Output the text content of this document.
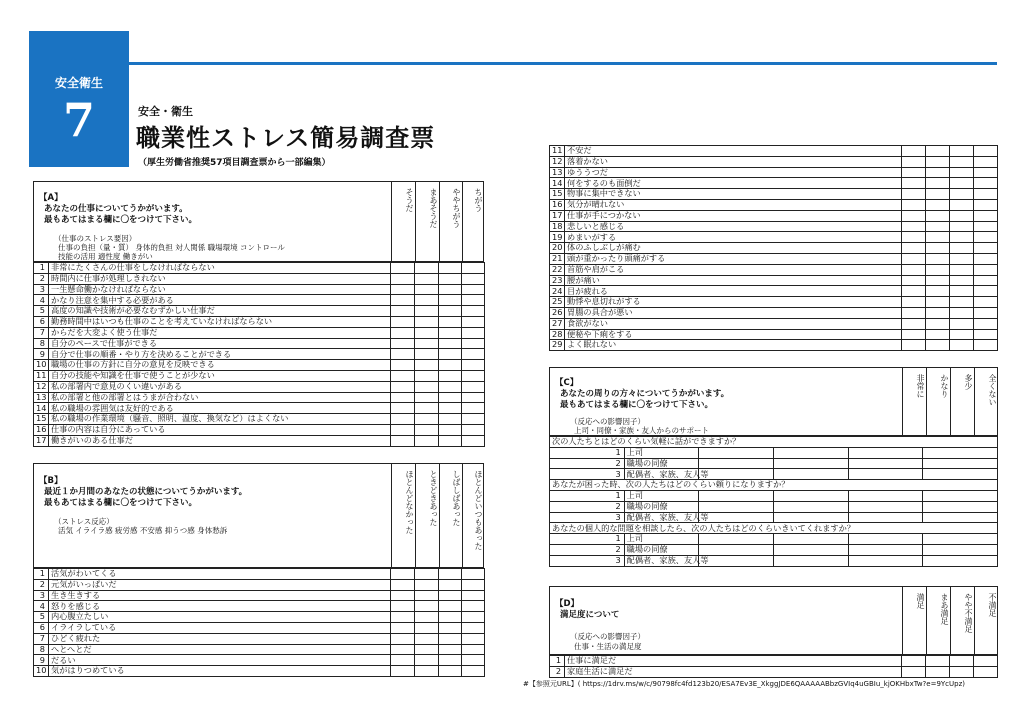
安全衛生
7	安全・衛生
職業性ストレス簡易調査票
（厚生労働省推奨57項目調査票から一部編集）
【A】
あなたの仕事についてうかがいます。
最もあてはまる欄に〇をつけて下さい。
（仕事のストレス要因）
仕事の負担（量・質） 身体的負担 対人関係 職場環境 コントロール
技能の活用 適性度 働きがい
そうだ	まあそうだ	ややちがう	ちがう
1	非常にたくさんの仕事をしなければならない				
2	時間内に仕事が処理しきれない				
3	一生懸命働かなければならない				
4	かなり注意を集中する必要がある				
5	高度の知識や技術が必要なむずかしい仕事だ				
6	勤務時間中はいつも仕事のことを考えていなければならない				
7	からだを大変よく使う仕事だ				
8	自分のペースで仕事ができる				
9	自分で仕事の順番・やり方を決めることができる				
10	職場の仕事の方針に自分の意見を反映できる				
11	自分の技能や知識を仕事で使うことが少ない				
12	私の部署内で意見のくい違いがある				
13	私の部署と他の部署とはうまが合わない				
14	私の職場の雰囲気は友好的である				
15	私の職場の作業環境（騒音、照明、温度、換気など）はよくない				
16	仕事の内容は自分にあっている				
17	働きがいのある仕事だ				
【B】
最近１か月間のあなたの状態についてうかがいます。
最もあてはまる欄に〇をつけて下さい。
（ストレス反応）
活気 イライラ感 疲労感 不安感 抑うつ感 身体愁訴	ほとんどなかった	ときどきあった	しばしばあった	ほとんどいつもあった
1	活気がわいてくる				
2	元気がいっぱいだ				
3	生き生きする				
4	怒りを感じる				
5	内心腹立たしい				
6	イライラしている				
7	ひどく疲れた				
8	へとへとだ				
9	だるい				
10	気がはりつめている				
11	不安だ				
12	落着かない				
13	ゆううつだ				
14	何をするのも面倒だ				
15	物事に集中できない				
16	気分が晴れない				
17	仕事が手につかない				
18	悲しいと感じる				
19	めまいがする				
20	体のふしぶしが痛む				
21	頭が重かったり頭痛がする				
22	首筋や肩がこる				
23	腰が痛い				
24	目が疲れる				
25	動悸や息切れがする				
26	胃腸の具合が悪い				
27	食欲がない				
28	便秘や下痢をする				
29	よく眠れない				
【C】
あなたの周りの方々についてうかがいます。
最もあてはまる欄に〇をつけて下さい。
（反応への影響因子）
上司・同僚・家族・友人からのサポート
非常に	かなり	多少	全くない
次の人たちとはどのくらい気軽に話ができますか？					
1	上司				
2	職場の同僚				
3	配偶者、家族、友人等				
あなたが困った時、次の人たちはどのくらい頼りになりますか？					
1	上司				
2	職場の同僚				
3	配偶者、家族、友人等				
あなたの個人的な問題を相談したら、次の人たちはどのくらいきいてくれますか？					
1	上司				
2	職場の同僚				
3	配偶者、家族、友人等				
【D】
満足度について
（反応への影響因子）
仕事・生活の満足度
満足	まあ満足	やや不満足	不満足
1	仕事に満足だ				
2	家庭生活に満足だ				
#【参照元URL】( https://1drv.ms/w/c/90798fc4fd123b20/ESA7Ev3E_XkggJDE6QAAAAABbzGVIq4uGBIu_kjOKHbxTw?e=9YcUpz)
